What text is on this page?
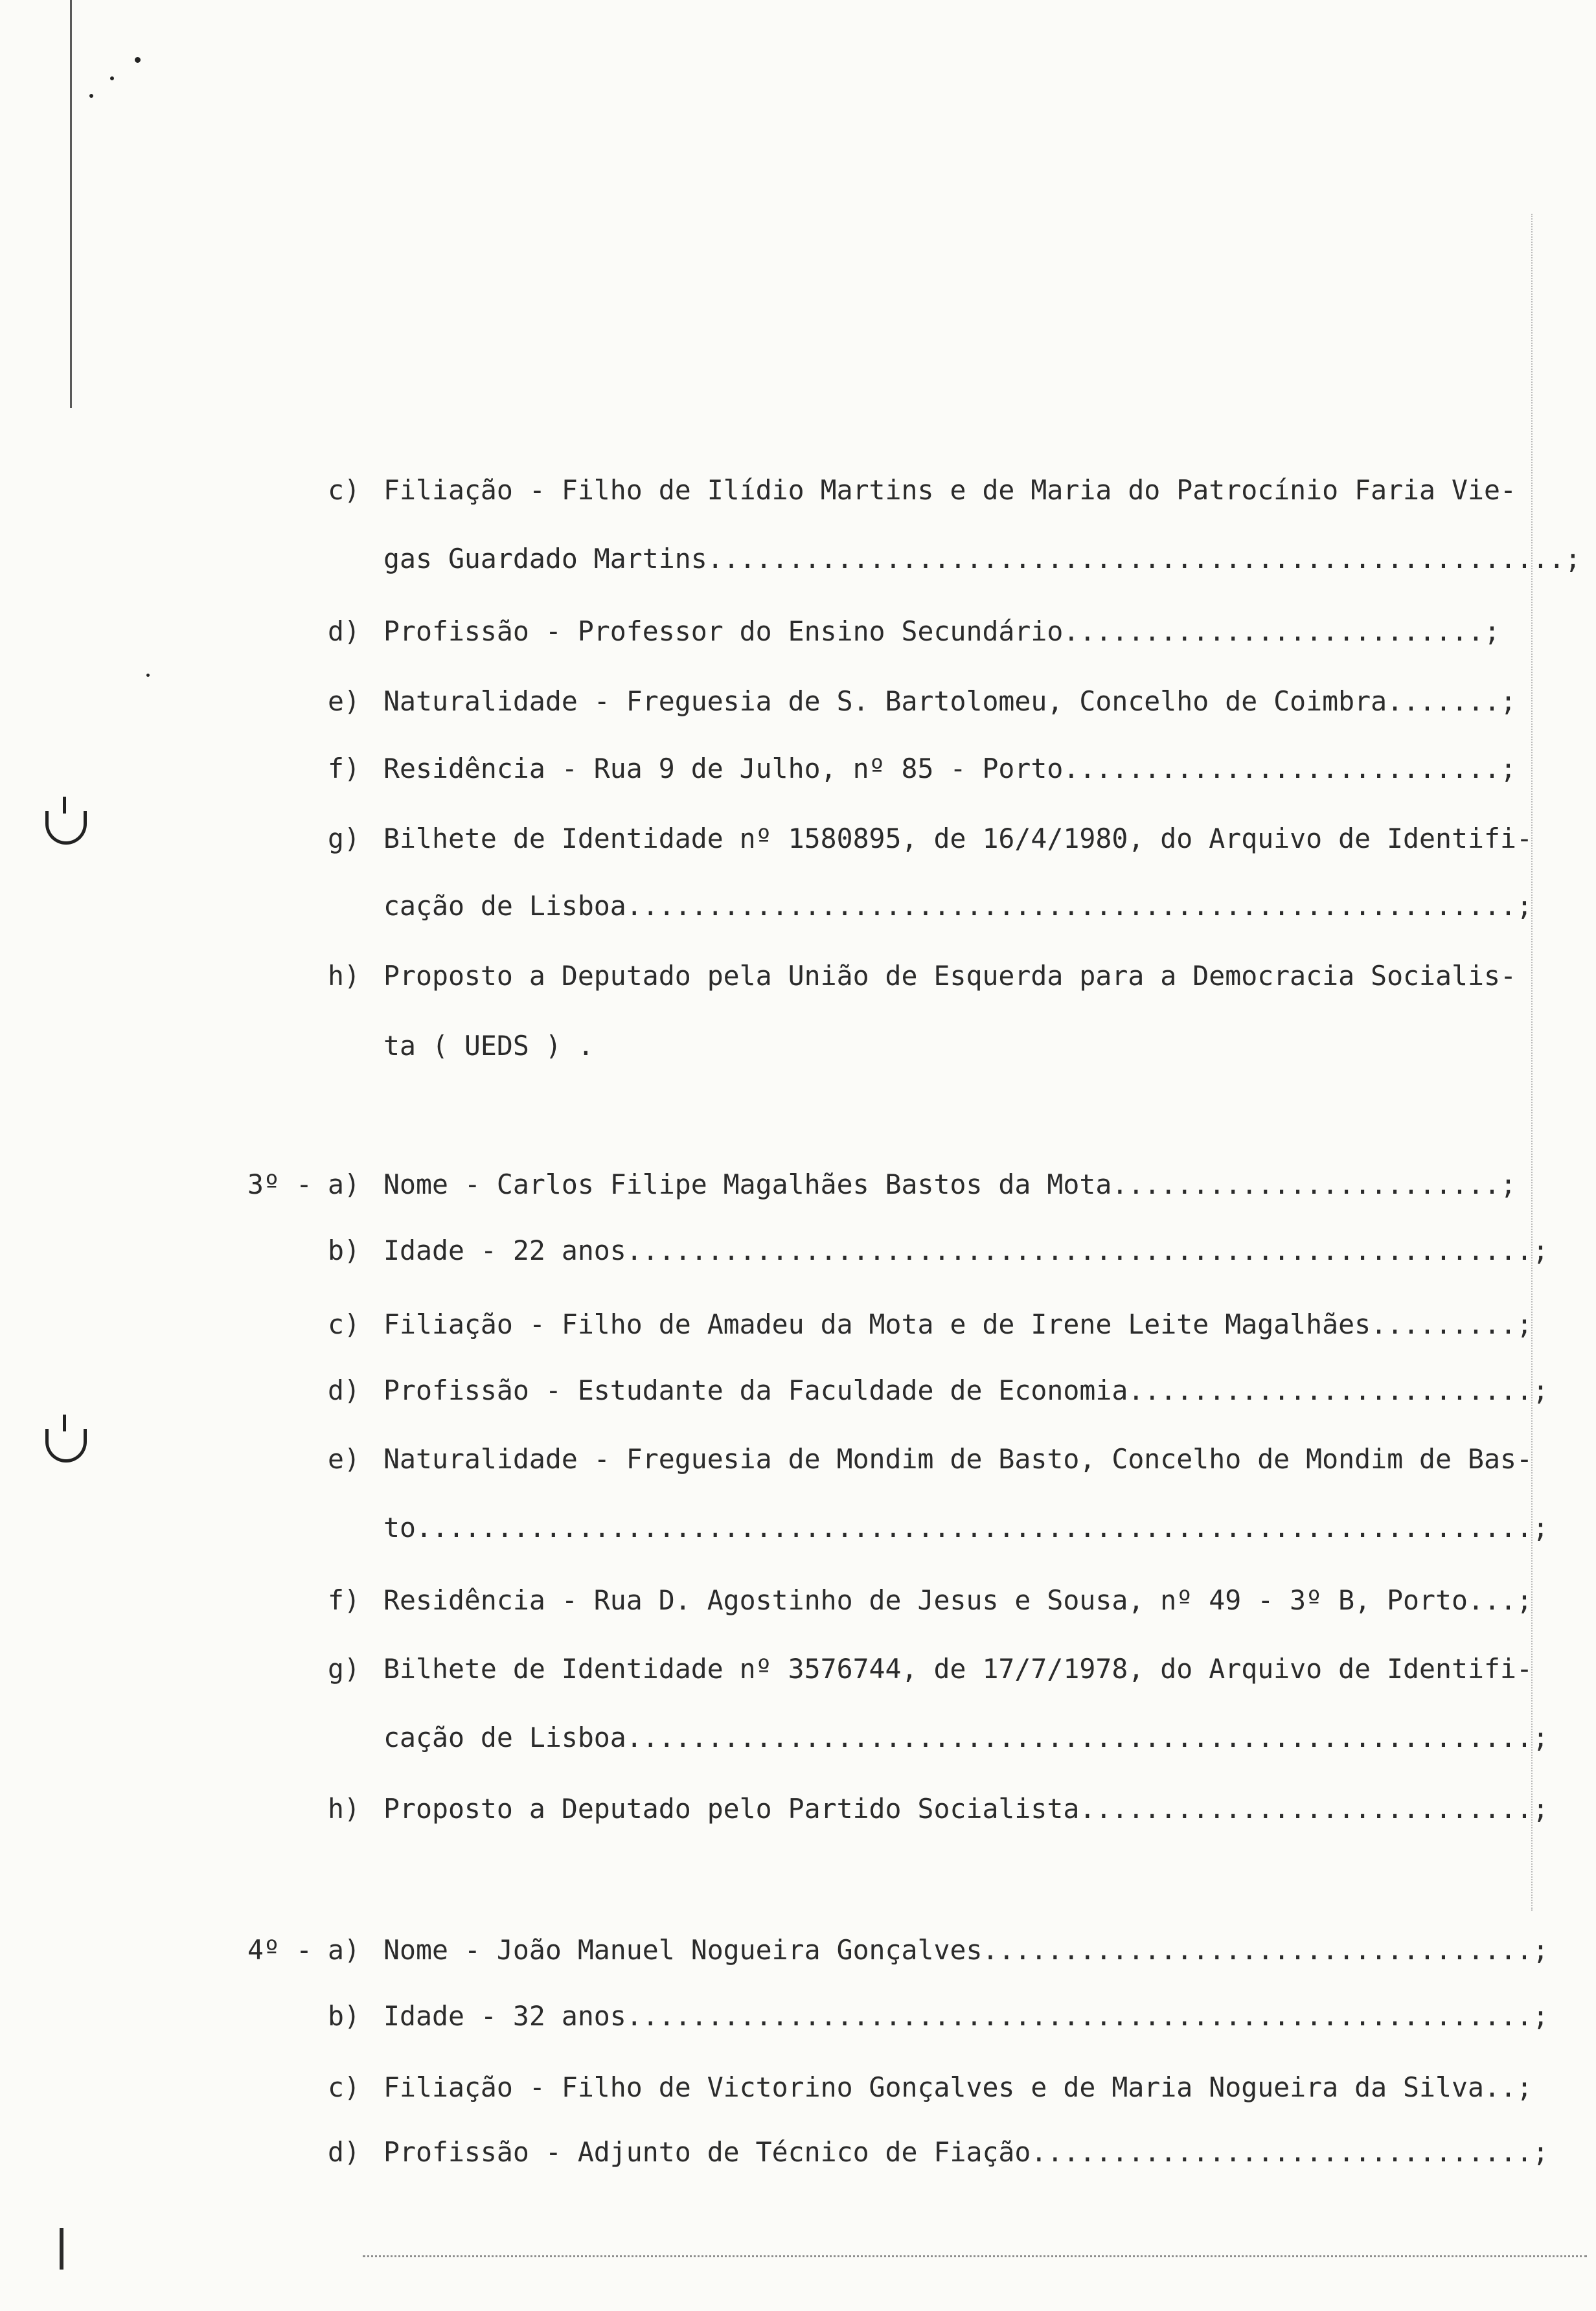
c)

Filiação - Filho de Ilídio Martins e de Maria do Patrocínio Faria Vie-

gas Guardado Martins.....................................................;

d)

Profissão - Professor do Ensino Secundário..........................;

e)

Naturalidade - Freguesia de S. Bartolomeu, Concelho de Coimbra.......;

f)

Residência - Rua 9 de Julho, nº 85 - Porto...........................;

g)

Bilhete de Identidade nº 1580895, de 16/4/1980, do Arquivo de Identifi-

cação de Lisboa.......................................................;

h)

Proposto a Deputado pela União de Esquerda para a Democracia Socialis-

ta ( UEDS ) .

3º -

a)

Nome - Carlos Filipe Magalhães Bastos da Mota........................;

b)

Idade - 22 anos........................................................;

c)

Filiação - Filho de Amadeu da Mota e de Irene Leite Magalhães.........;

d)

Profissão - Estudante da Faculdade de Economia.........................;

e)

Naturalidade - Freguesia de Mondim de Basto, Concelho de Mondim de Bas-

to.....................................................................;

f)

Residência - Rua D. Agostinho de Jesus e Sousa, nº 49 - 3º B, Porto...;

g)

Bilhete de Identidade nº 3576744, de 17/7/1978, do Arquivo de Identifi-

cação de Lisboa........................................................;

h)

Proposto a Deputado pelo Partido Socialista............................;

4º -

a)

Nome - João Manuel Nogueira Gonçalves..................................;

b)

Idade - 32 anos........................................................;

c)

Filiação - Filho de Victorino Gonçalves e de Maria Nogueira da Silva..;

d)

Profissão - Adjunto de Técnico de Fiação...............................;
